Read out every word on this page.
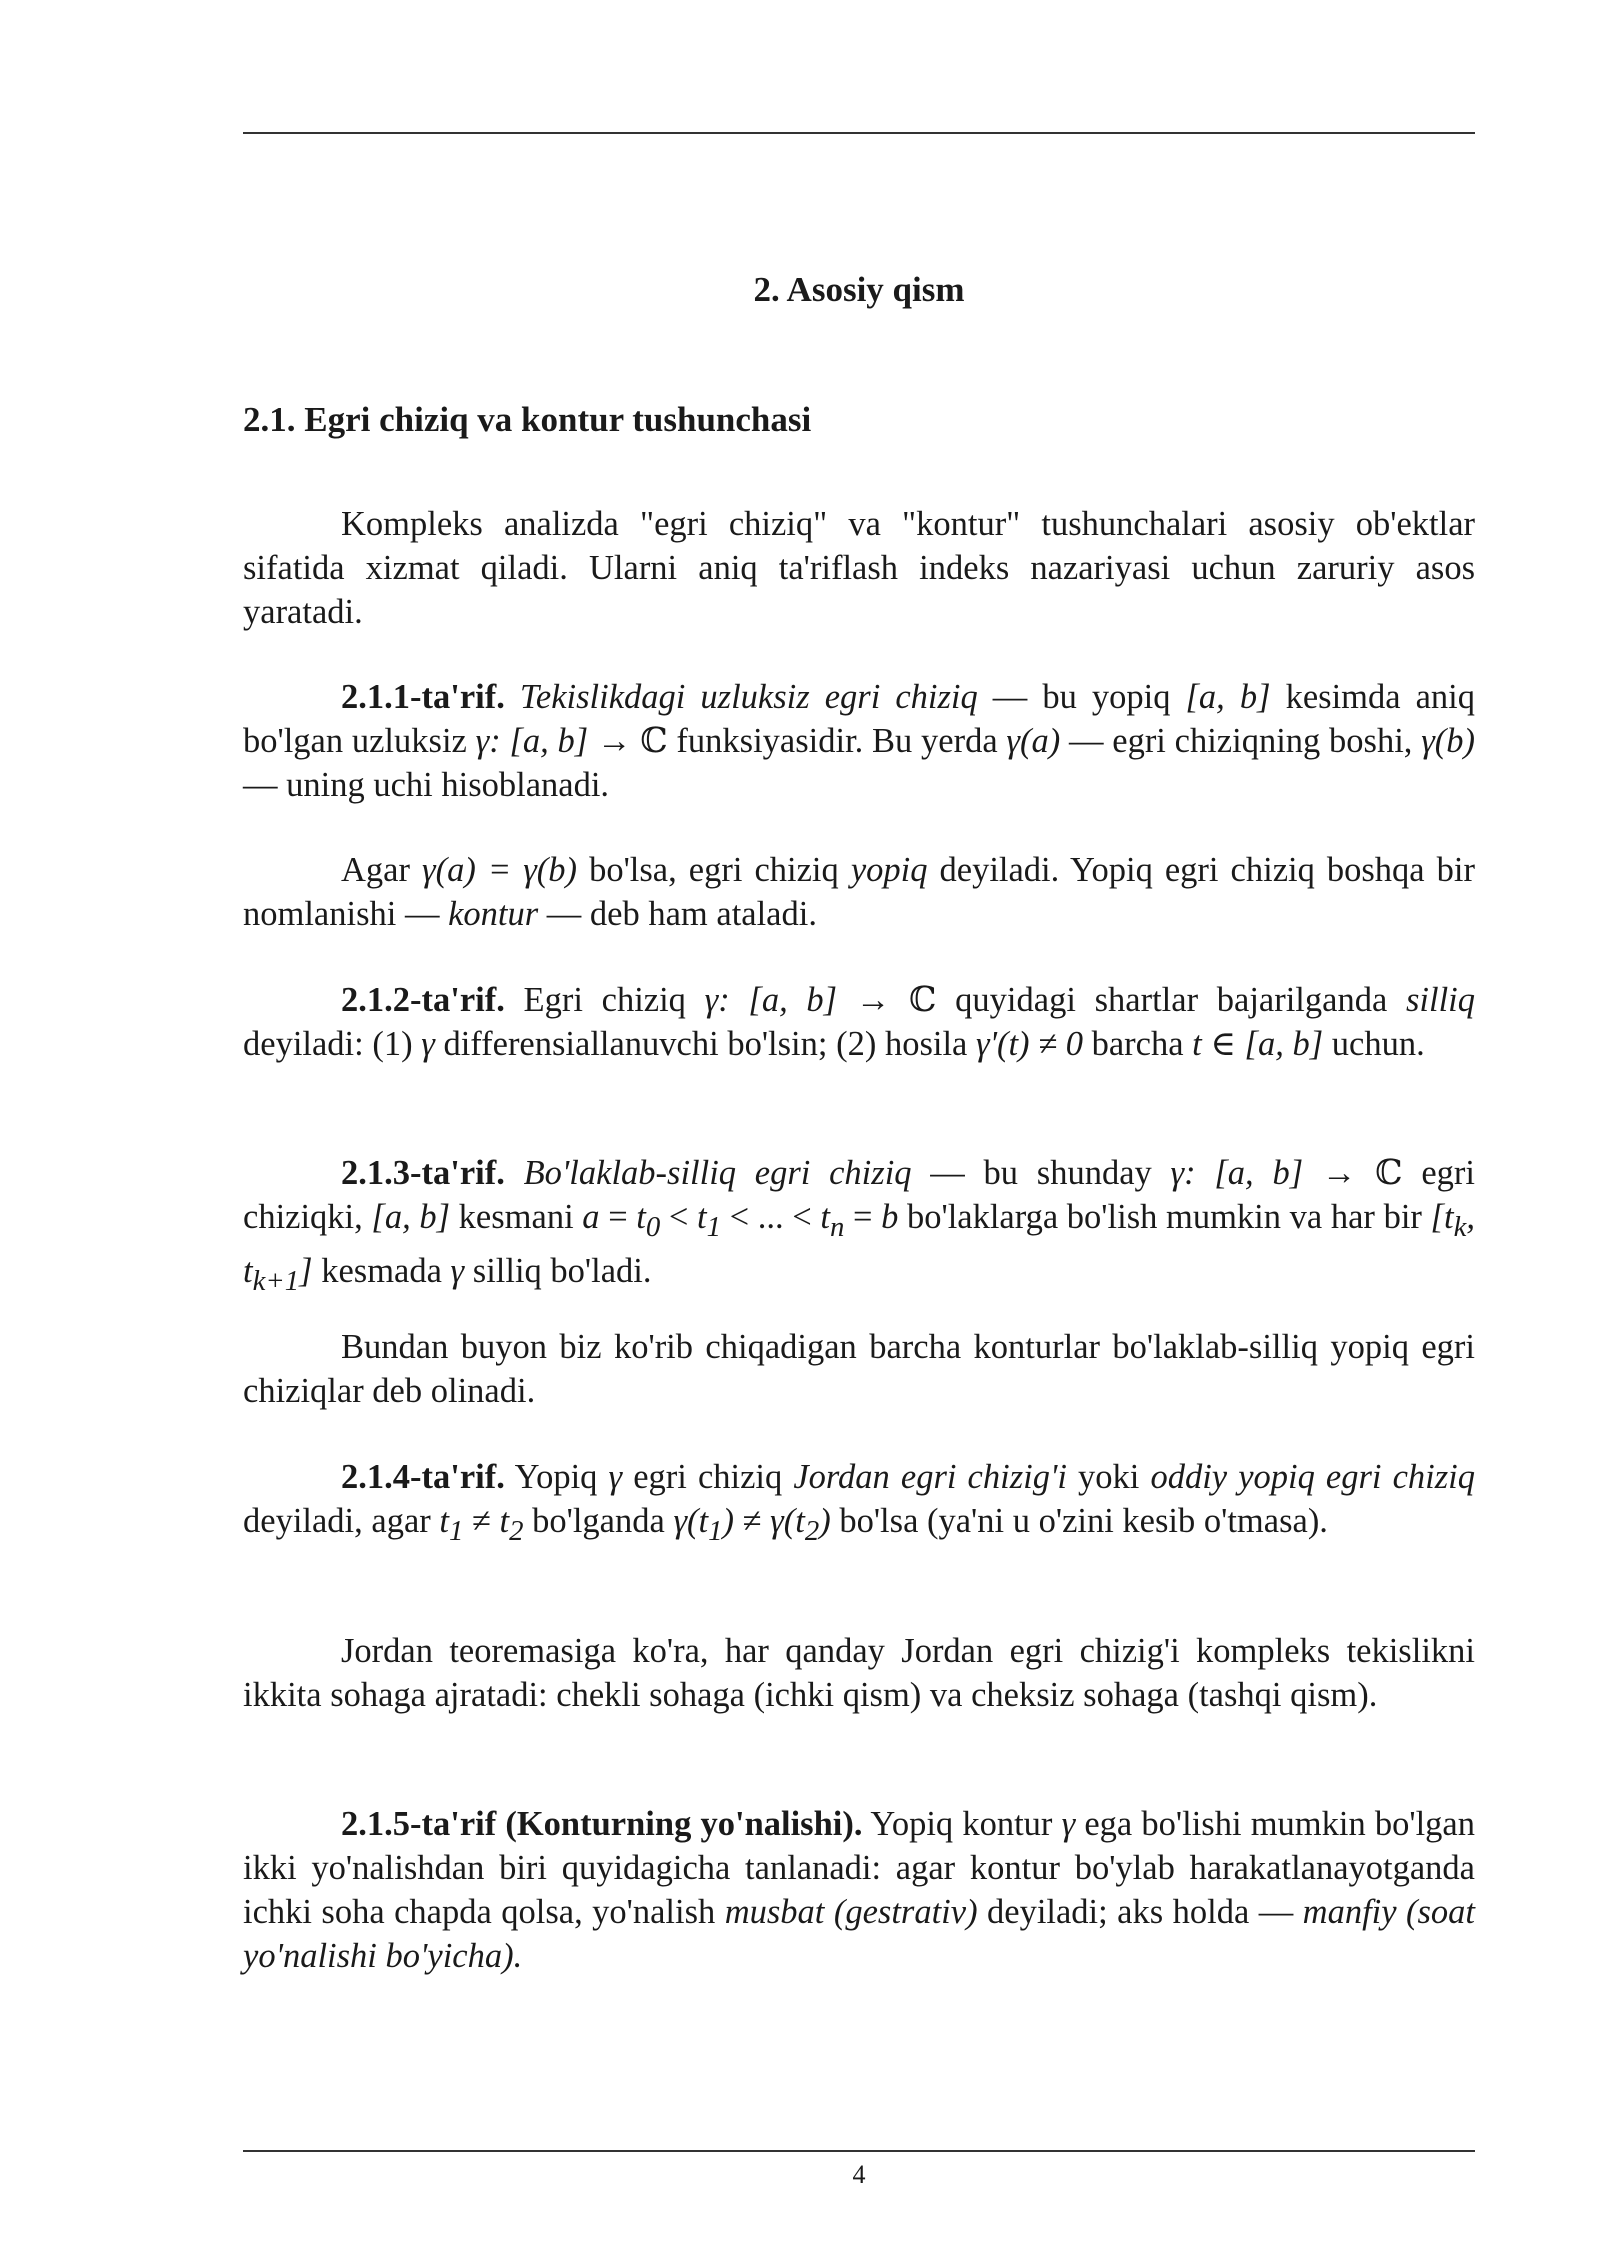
2. Asosiy qism
2.1. Egri chiziq va kontur tushunchasi

Kompleks analizda "egri chiziq" va "kontur" tushunchalari asosiy ob'ektlar sifatida xizmat qiladi. Ularni aniq ta'riflash indeks nazariyasi uchun zaruriy asos yaratadi.

2.1.1-ta'rif. Tekislikdagi uzluksiz egri chiziq — bu yopiq [a, b] kesimda aniq bo'lgan uzluksiz γ: [a, b] → ℂ funksiyasidir. Bu yerda γ(a) — egri chiziqning boshi, γ(b) — uning uchi hisoblanadi.

Agar γ(a) = γ(b) bo'lsa, egri chiziq yopiq deyiladi. Yopiq egri chiziq boshqa bir nomlanishi — kontur — deb ham ataladi.

2.1.2-ta'rif. Egri chiziq γ: [a, b] → ℂ quyidagi shartlar bajarilganda silliq deyiladi: (1) γ differensiallanuvchi bo'lsin; (2) hosila γ'(t) ≠ 0 barcha t ∈ [a, b] uchun.

2.1.3-ta'rif. Bo'laklab-silliq egri chiziq — bu shunday γ: [a, b] → ℂ egri chiziqki, [a, b] kesmani $a = t_0 < t_1$ < ... < $t_n = b$ bo'laklarga bo'lish mumkin va har bir [$t_k$, $t_{k+1}$] kesmada γ silliq bo'ladi.

Bundan buyon biz ko'rib chiqadigan barcha konturlar bo'laklab-silliq yopiq egri chiziqlar deb olinadi.

2.1.4-ta'rif. Yopiq γ egri chiziq Jordan egri chizig'i yoki oddiy yopiq egri chiziq deyiladi, agar $t_1 \ne t_2$ bo'lganda $\gamma(t_1) \ne \gamma(t_2)$ bo'lsa (ya'ni u o'zini kesib o'tmasa).

Jordan teoremasiga ko'ra, har qanday Jordan egri chizig'i kompleks tekislikni ikkita sohaga ajratadi: chekli sohaga (ichki qism) va cheksiz sohaga (tashqi qism).

2.1.5-ta'rif (Konturning yo'nalishi). Yopiq kontur γ ega bo'lishi mumkin bo'lgan ikki yo'nalishdan biri quyidagicha tanlanadi: agar kontur bo'ylab harakatlanayotganda ichki soha chapda qolsa, yo'nalish musbat (gestrativ) deyiladi; aks holda — manfiy (soat yo'nalishi bo'yicha).

4
